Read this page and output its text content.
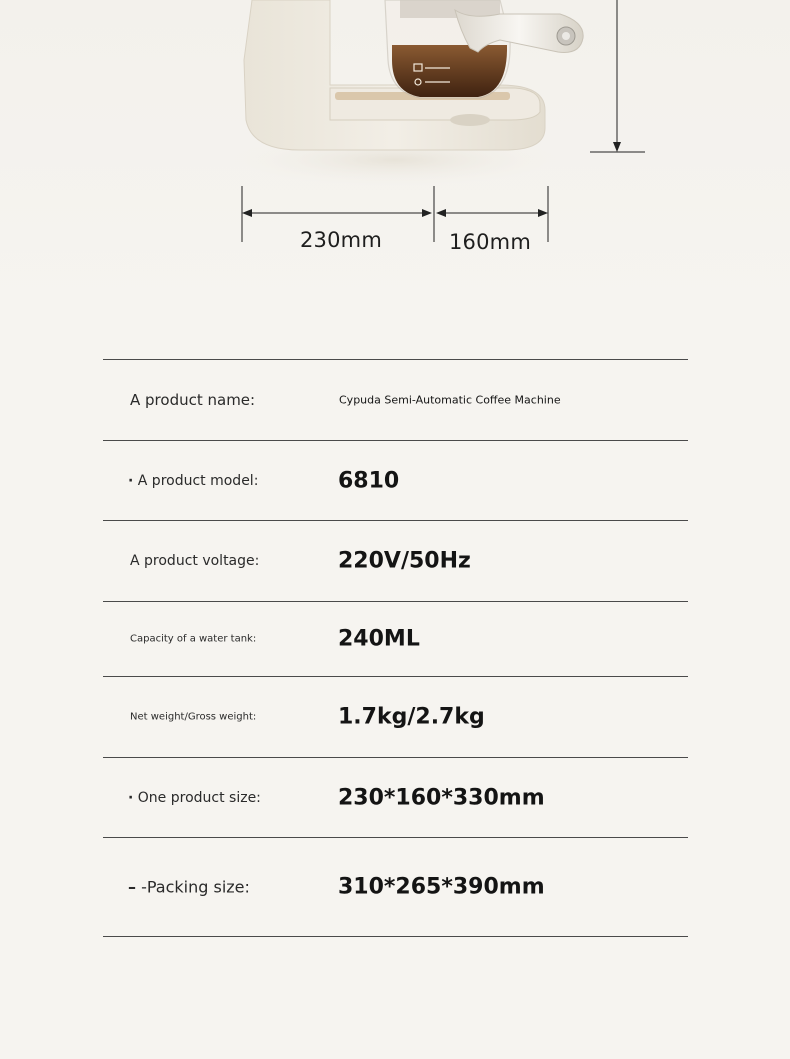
230mm	160mm
A product name:	Cypuda Semi-Automatic Coffee Machine
· A product model:	6810
A product voltage:	220V/50Hz
Capacity of a water tank:	240ML
Net weight/Gross weight:	1.7kg/2.7kg
· One product size:	230*160*330mm
– -Packing size:	310*265*390mm
